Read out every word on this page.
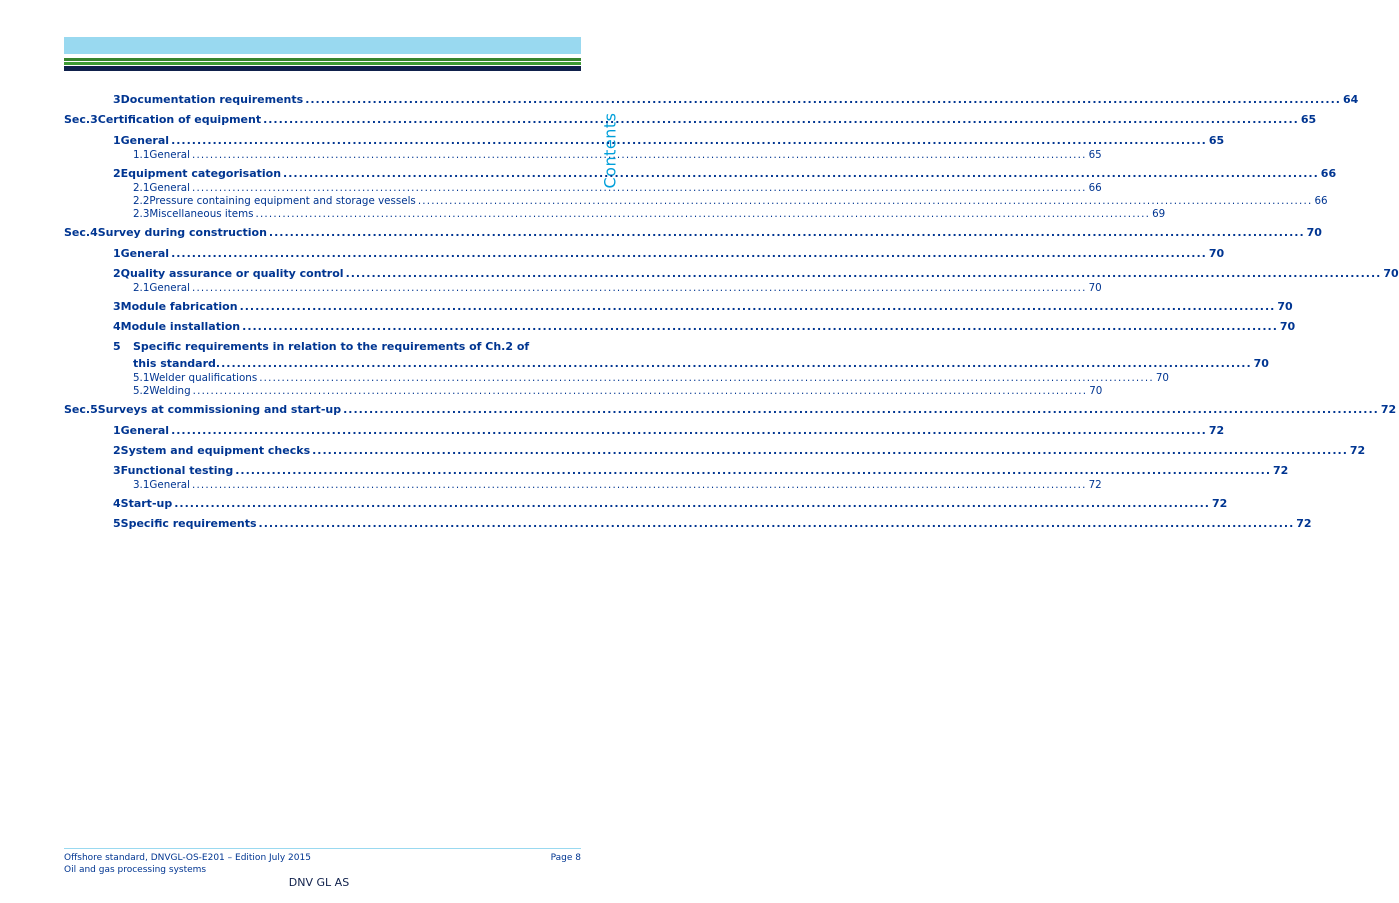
Contents
3 Documentation requirements ........................................................................................................................................................................................................ 64
Sec.3 Certification of equipment ........................................................................................................................................................................................................ 65
1 General ........................................................................................................................................................................................................ 65
1.1 General ........................................................................................................................................................................................................ 65
2 Equipment categorisation ........................................................................................................................................................................................................ 66
2.1 General ........................................................................................................................................................................................................ 66
2.2 Pressure containing equipment and storage vessels ........................................................................................................................................................................................................ 66
2.3 Miscellaneous items ........................................................................................................................................................................................................ 69
Sec.4 Survey during construction ........................................................................................................................................................................................................ 70
1 General ........................................................................................................................................................................................................ 70
2 Quality assurance or quality control ........................................................................................................................................................................................................ 70
2.1 General ........................................................................................................................................................................................................ 70
3 Module fabrication ........................................................................................................................................................................................................ 70
4 Module installation ........................................................................................................................................................................................................ 70
5	Specific requirements in relation to the requirements of Ch.2 of
this standard ........................................................................................................................................................................................................ 70
5.1 Welder qualifications ........................................................................................................................................................................................................ 70
5.2 Welding ........................................................................................................................................................................................................ 70
Sec.5 Surveys at commissioning and start-up ........................................................................................................................................................................................................ 72
1 General ........................................................................................................................................................................................................ 72
2 System and equipment checks ........................................................................................................................................................................................................ 72
3 Functional testing ........................................................................................................................................................................................................ 72
3.1 General ........................................................................................................................................................................................................ 72
4 Start-up ........................................................................................................................................................................................................ 72
5 Specific requirements ........................................................................................................................................................................................................ 72
Offshore standard, DNVGL-OS-E201 – Edition July 2015
Oil and gas processing systems
Page 8
DNV GL AS
